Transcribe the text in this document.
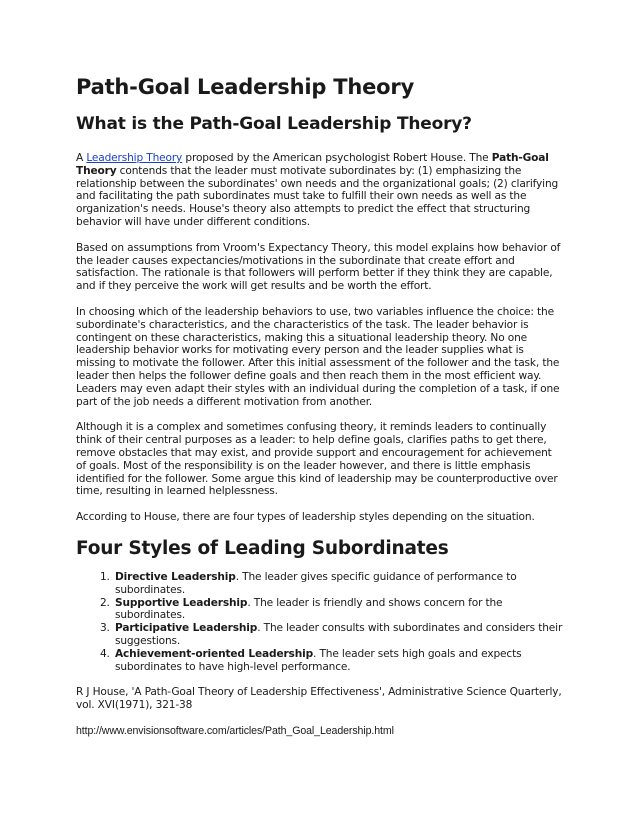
Path-Goal Leadership Theory
What is the Path-Goal Leadership Theory?

A Leadership Theory proposed by the American psychologist Robert House. The Path-Goal Theory contends that the leader must motivate subordinates by: (1) emphasizing the relationship between the subordinates' own needs and the organizational goals; (2) clarifying and facilitating the path subordinates must take to fulfill their own needs as well as the organization's needs. House's theory also attempts to predict the effect that structuring behavior will have under different conditions.

Based on assumptions from Vroom's Expectancy Theory, this model explains how behavior of the leader causes expectancies/motivations in the subordinate that create effort and satisfaction. The rationale is that followers will perform better if they think they are capable, and if they perceive the work will get results and be worth the effort.

In choosing which of the leadership behaviors to use, two variables influence the choice: the subordinate's characteristics, and the characteristics of the task. The leader behavior is contingent on these characteristics, making this a situational leadership theory. No one leadership behavior works for motivating every person and the leader supplies what is missing to motivate the follower. After this initial assessment of the follower and the task, the leader then helps the follower define goals and then reach them in the most efficient way. Leaders may even adapt their styles with an individual during the completion of a task, if one part of the job needs a different motivation from another.

Although it is a complex and sometimes confusing theory, it reminds leaders to continually think of their central purposes as a leader: to help define goals, clarifies paths to get there, remove obstacles that may exist, and provide support and encouragement for achievement of goals. Most of the responsibility is on the leader however, and there is little emphasis identified for the follower. Some argue this kind of leadership may be counterproductive over time, resulting in learned helplessness.

According to House, there are four types of leadership styles depending on the situation.

Four Styles of Leading Subordinates
1. Directive Leadership. The leader gives specific guidance of performance to subordinates.
2. Supportive Leadership. The leader is friendly and shows concern for the subordinates.
3. Participative Leadership. The leader consults with subordinates and considers their suggestions.
4. Achievement-oriented Leadership. The leader sets high goals and expects subordinates to have high-level performance.

R J House, 'A Path-Goal Theory of Leadership Effectiveness', Administrative Science Quarterly, vol. XVI(1971), 321-38

http://www.envisionsoftware.com/articles/Path_Goal_Leadership.html
